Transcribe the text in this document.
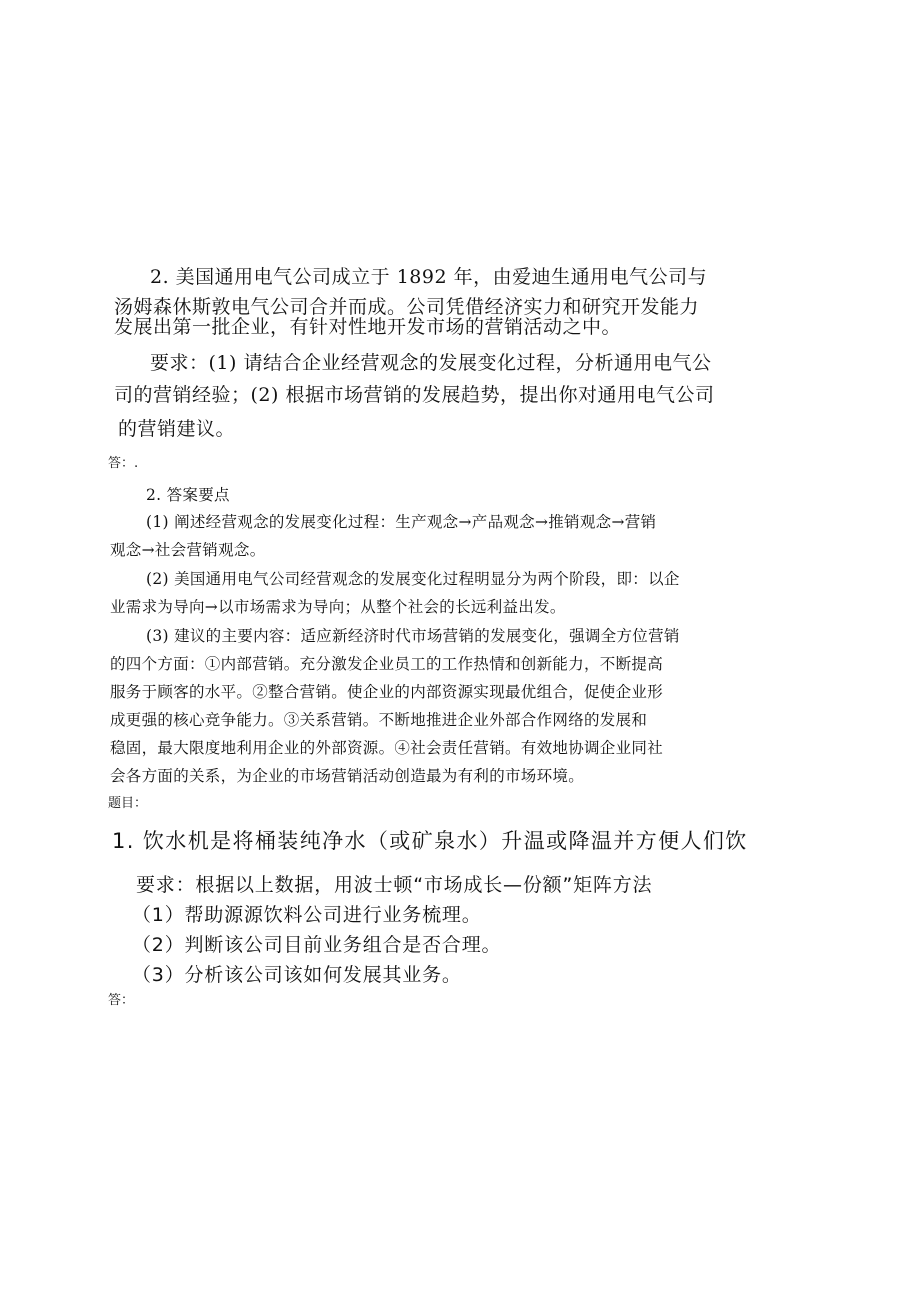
2. 美国通用电气公司成立于 1892 年，由爱迪生通用电气公司与
汤姆森休斯敦电气公司合并而成。公司凭借经济实力和研究开发能力
发展出第一批企业，有针对性地开发市场的营销活动之中。
要求：(1) 请结合企业经营观念的发展变化过程，分析通用电气公
司的营销经验；(2) 根据市场营销的发展趋势，提出你对通用电气公司
的营销建议。
答：.
2. 答案要点
(1) 阐述经营观念的发展变化过程：生产观念→产品观念→推销观念→营销
观念→社会营销观念。
(2) 美国通用电气公司经营观念的发展变化过程明显分为两个阶段，即：以企
业需求为导向→以市场需求为导向；从整个社会的长远利益出发。
(3) 建议的主要内容：适应新经济时代市场营销的发展变化，强调全方位营销
的四个方面：①内部营销。充分激发企业员工的工作热情和创新能力，不断提高
服务于顾客的水平。②整合营销。使企业的内部资源实现最优组合，促使企业形
成更强的核心竞争能力。③关系营销。不断地推进企业外部合作网络的发展和
稳固，最大限度地利用企业的外部资源。④社会责任营销。有效地协调企业同社
会各方面的关系，为企业的市场营销活动创造最为有利的市场环境。
题目：
1. 饮水机是将桶装纯净水（或矿泉水）升温或降温并方便人们饮
要求：根据以上数据，用波士顿“市场成长—份额”矩阵方法
（1）帮助源源饮料公司进行业务梳理。
（2）判断该公司目前业务组合是否合理。
（3）分析该公司该如何发展其业务。
答：
